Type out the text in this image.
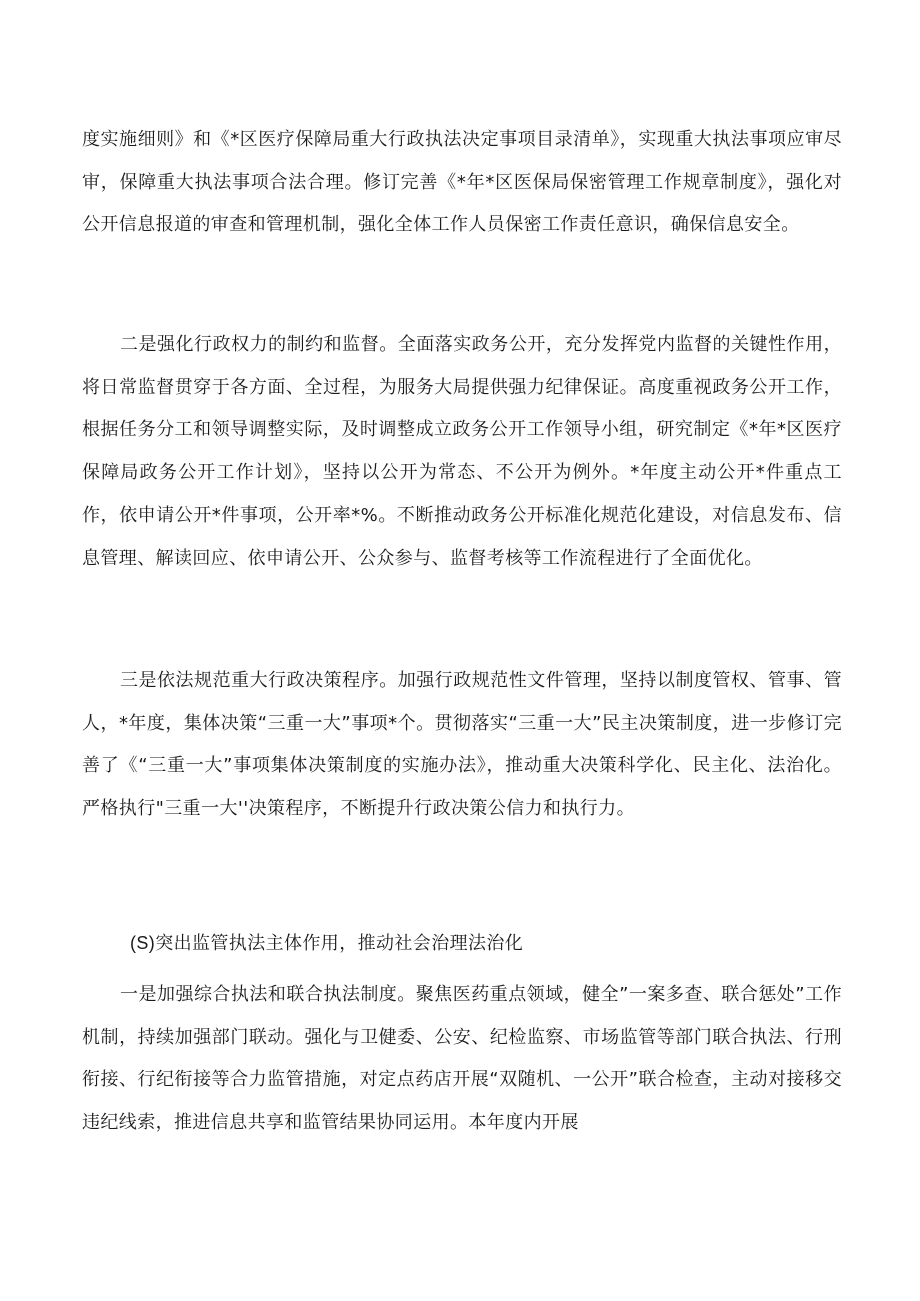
度实施细则》和《*区医疗保障局重大行政执法决定事项目录清单》，实现重大执法事项应审尽审，保障重大执法事项合法合理。修订完善《*年*区医保局保密管理工作规章制度》，强化对公开信息报道的审查和管理机制，强化全体工作人员保密工作责任意识，确保信息安全。

二是强化行政权力的制约和监督。全面落实政务公开，充分发挥党内监督的关键性作用，将日常监督贯穿于各方面、全过程，为服务大局提供强力纪律保证。高度重视政务公开工作，根据任务分工和领导调整实际，及时调整成立政务公开工作领导小组，研究制定《*年*区医疗保障局政务公开工作计划》，坚持以公开为常态、不公开为例外。*年度主动公开*件重点工作，依申请公开*件事项，公开率*%。不断推动政务公开标准化规范化建设，对信息发布、信息管理、解读回应、依申请公开、公众参与、监督考核等工作流程进行了全面优化。

三是依法规范重大行政决策程序。加强行政规范性文件管理，坚持以制度管权、管事、管人，*年度，集体决策“三重一大”事项*个。贯彻落实“三重一大”民主决策制度，进一步修订完善了《“三重一大”事项集体决策制度的实施办法》，推动重大决策科学化、民主化、法治化。严格执行"三重一大''决策程序，不断提升行政决策公信力和执行力。

(S)突出监管执法主体作用，推动社会治理法治化

一是加强综合执法和联合执法制度。聚焦医药重点领域，健全”一案多查、联合惩处”工作机制，持续加强部门联动。强化与卫健委、公安、纪检监察、市场监管等部门联合执法、行刑衔接、行纪衔接等合力监管措施，对定点药店开展“双随机、一公开”联合检查，主动对接移交违纪线索，推进信息共享和监管结果协同运用。本年度内开展
